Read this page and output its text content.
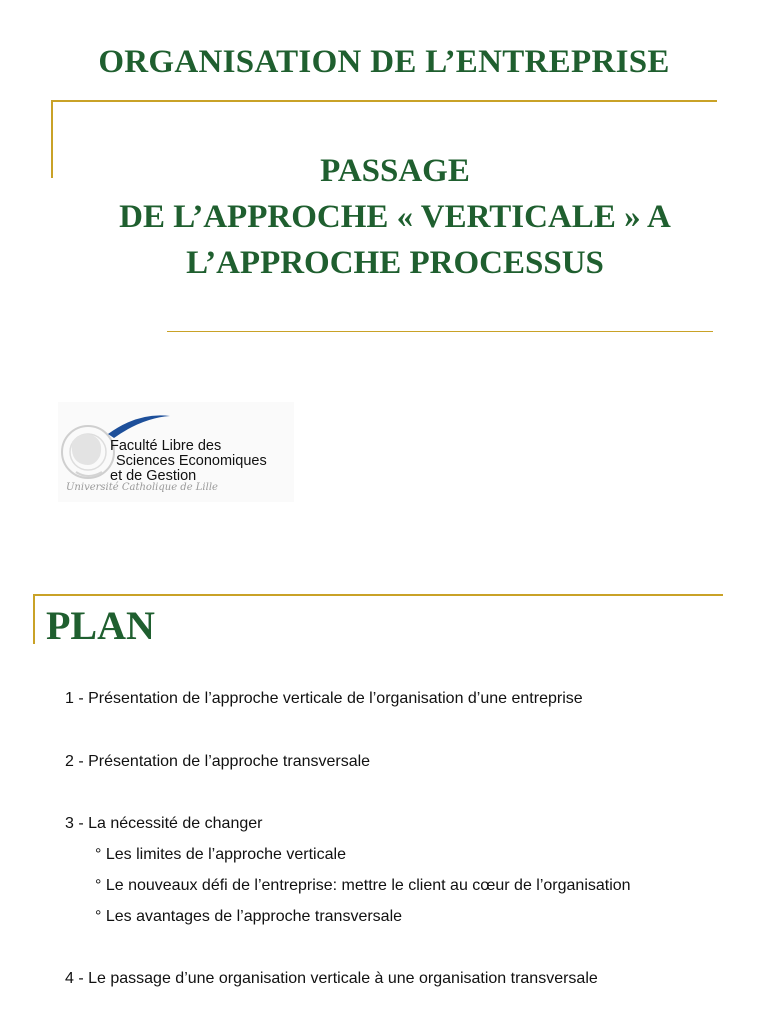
ORGANISATION DE L’ENTREPRISE
PASSAGE
DE L’APPROCHE « VERTICALE » A
L’APPROCHE PROCESSUS
Faculté Libre des
Sciences Economiques
et de Gestion
Université Catholique de Lille
PLAN
1 - Présentation de l’approche verticale de l’organisation d’une entreprise
2 - Présentation de l’approche transversale
3 - La nécessité de changer
° Les limites de l’approche verticale
° Le nouveaux défi de l’entreprise: mettre le client au cœur de l’organisation
° Les avantages de l’approche transversale
4 - Le passage d’une organisation verticale à une organisation transversale
